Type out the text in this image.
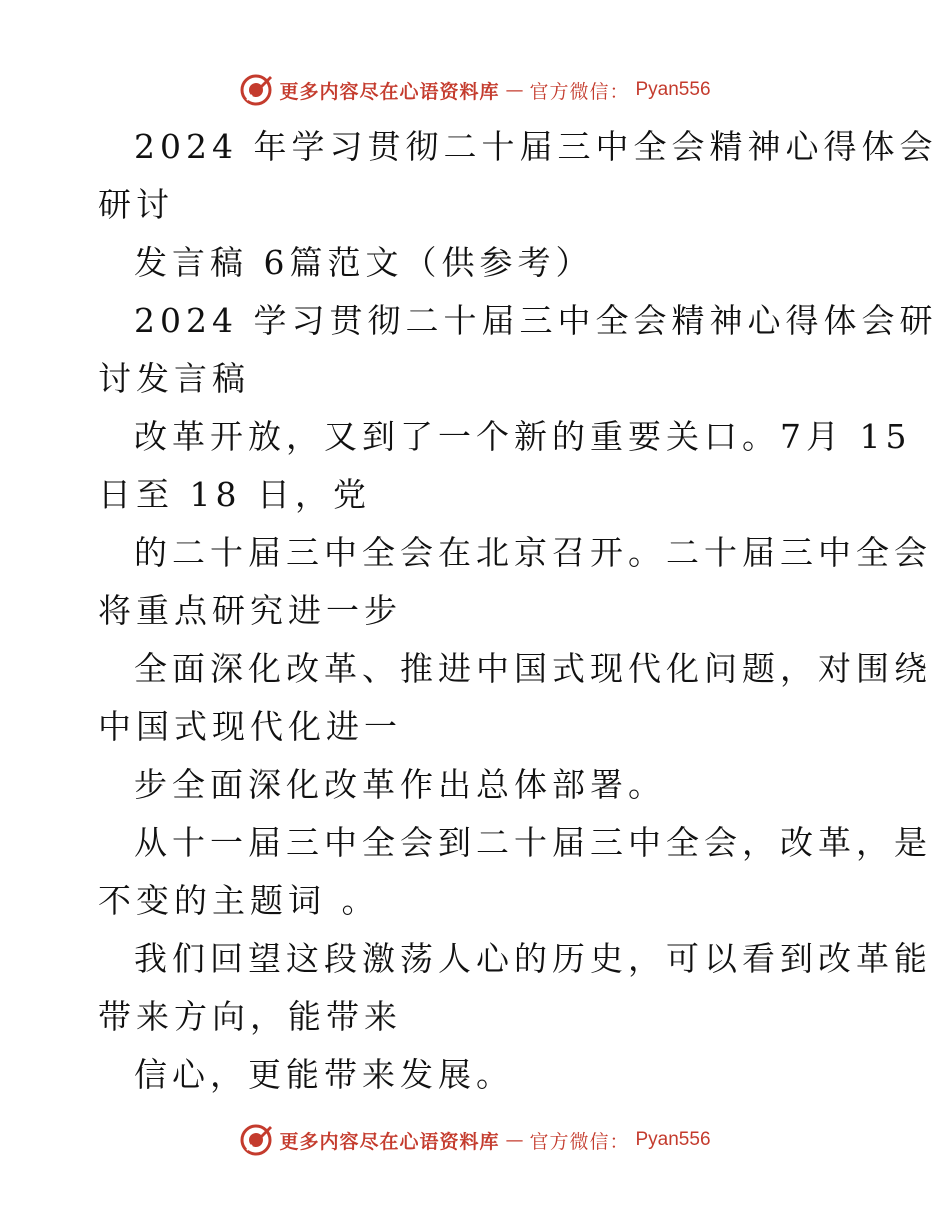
更多内容尽在心语资料库 — 官方微信： Pyan556
2024 年学习贯彻二十届三中全会精神心得体会
研讨
发言稿 6篇范文（供参考）
2024 学习贯彻二十届三中全会精神心得体会研
讨发言稿
改革开放，又到了一个新的重要关口。7月 15
日至 18 日，党
的二十届三中全会在北京召开。二十届三中全会
将重点研究进一步
全面深化改革、推进中国式现代化问题，对围绕
中国式现代化进一
步全面深化改革作出总体部署。
从十一届三中全会到二十届三中全会，改革，是
不变的主题词 。
我们回望这段激荡人心的历史，可以看到改革能
带来方向，能带来
信心，更能带来发展。
更多内容尽在心语资料库 — 官方微信： Pyan556
